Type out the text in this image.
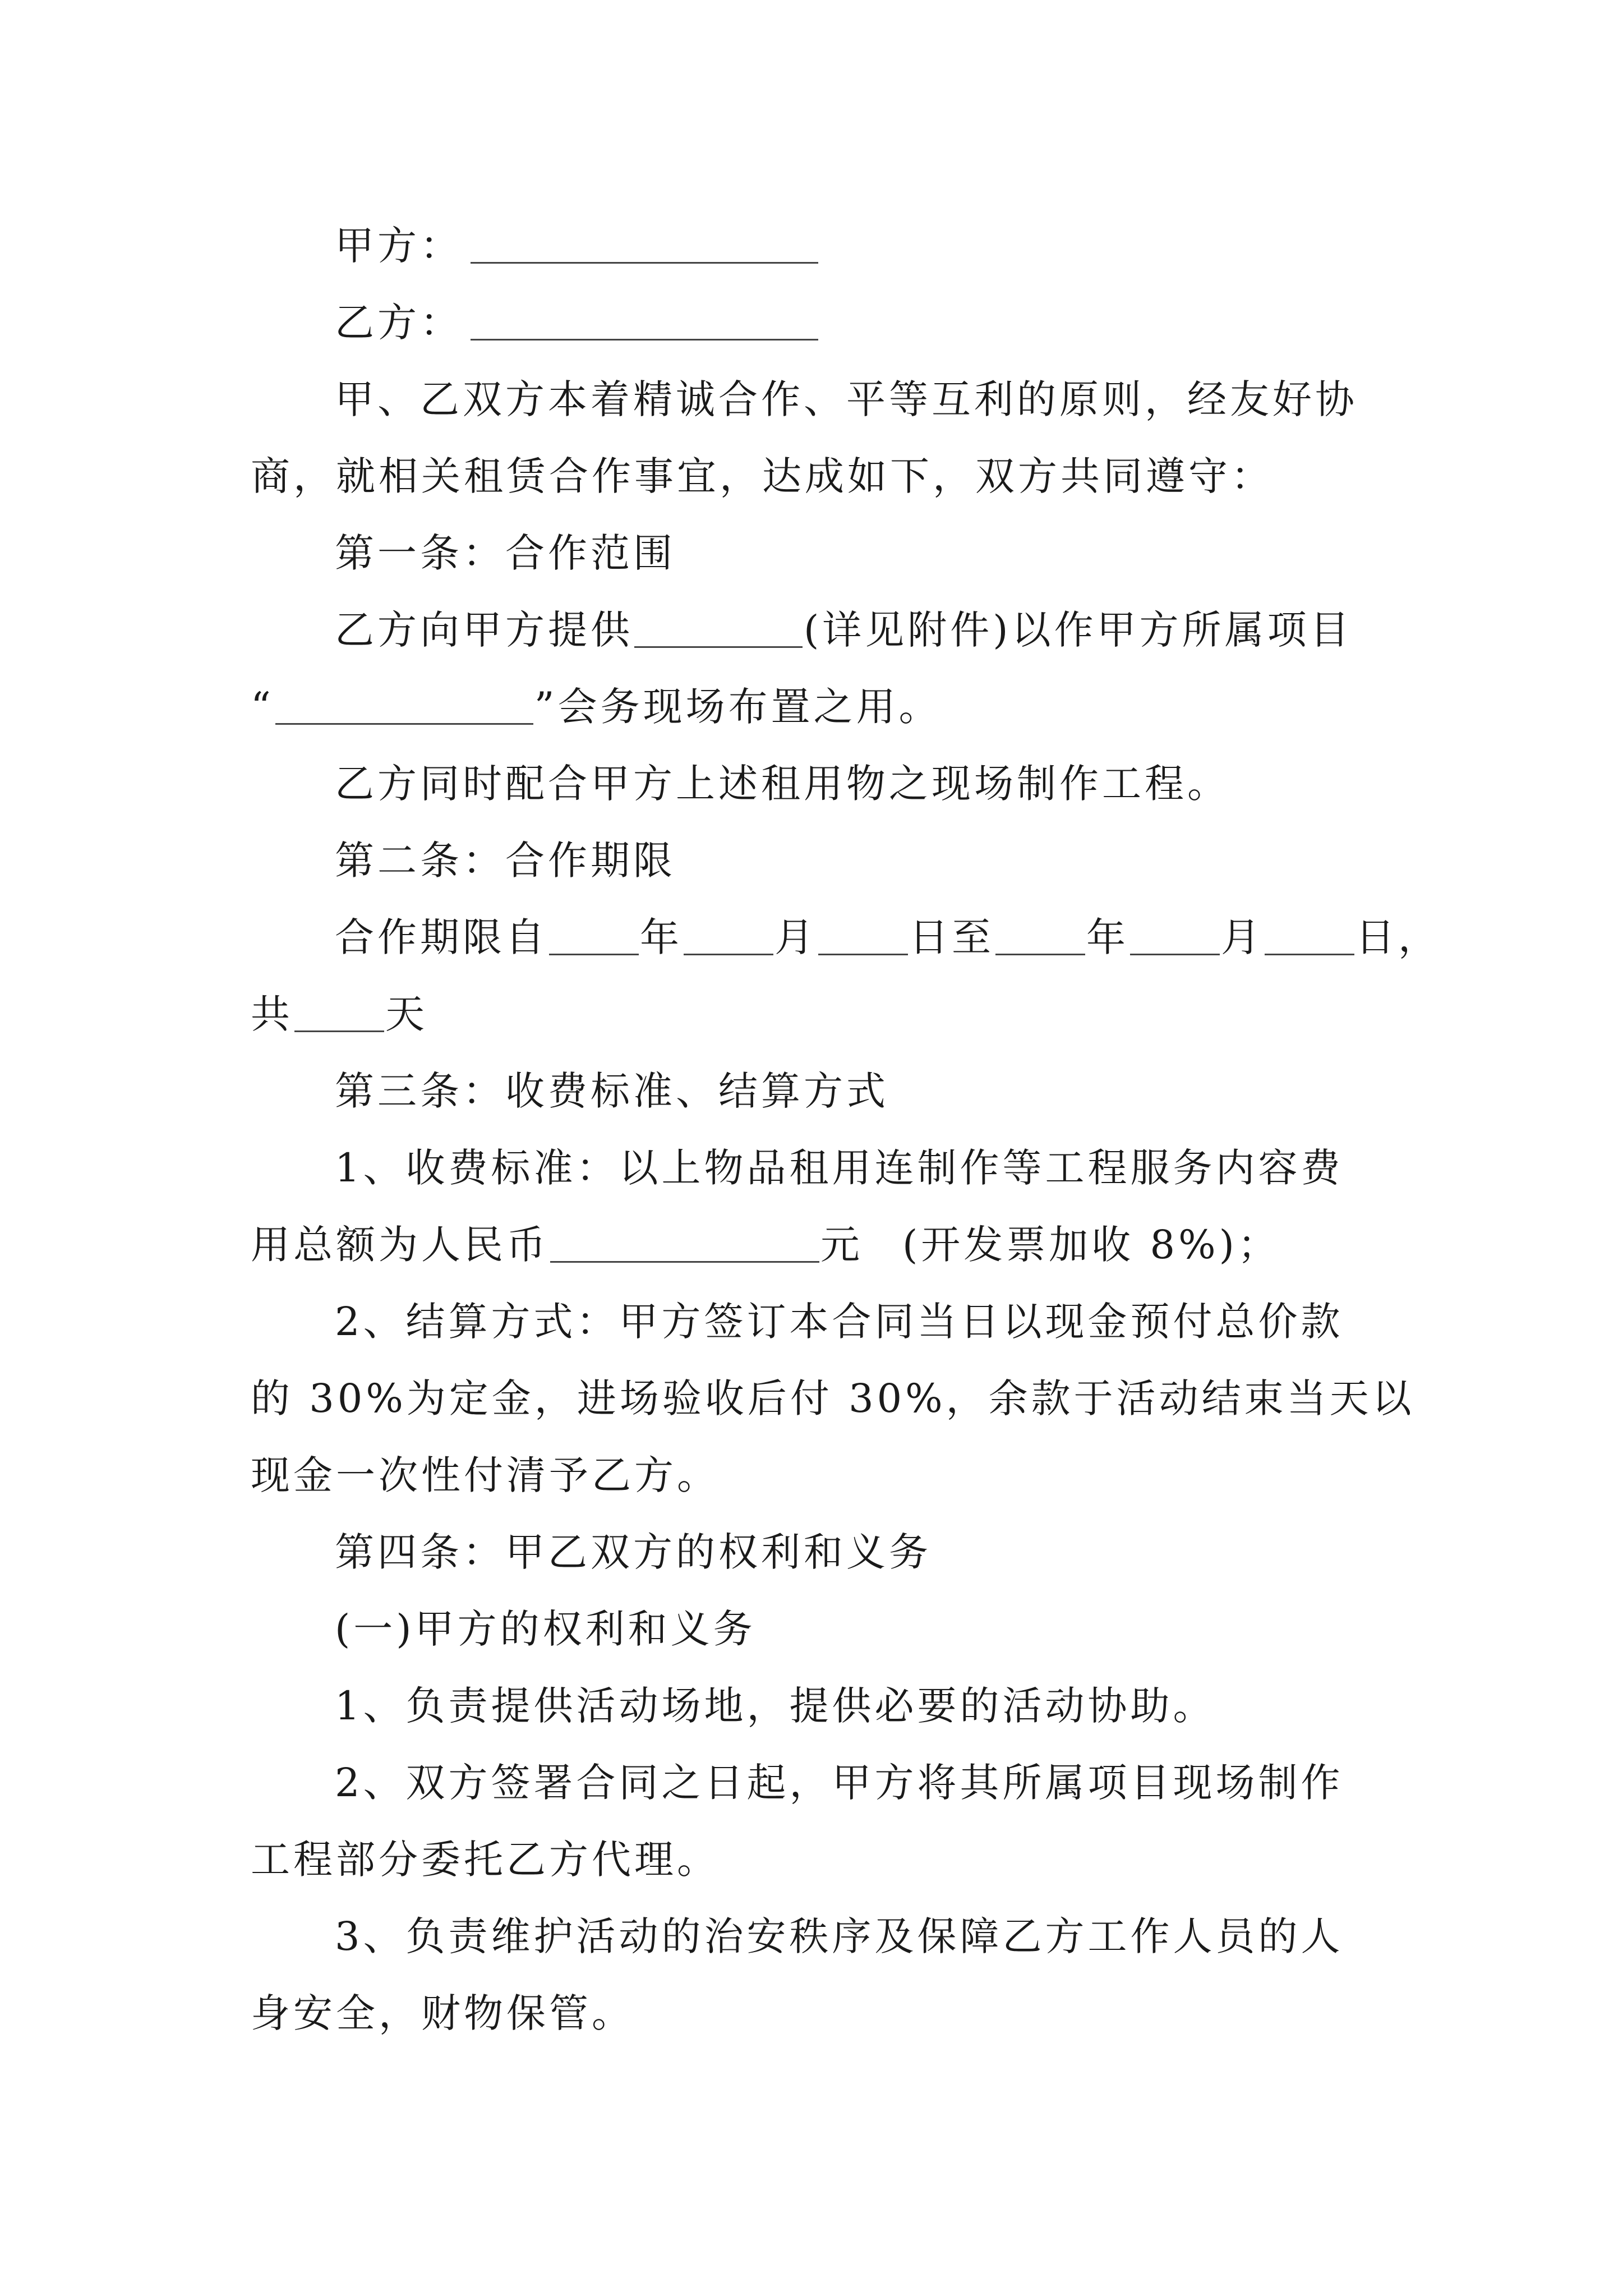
甲方：

乙方：

甲、乙双方本着精诚合作、平等互利的原则，经友好协

商，就相关租赁合作事宜，达成如下，双方共同遵守：

第一条：合作范围

乙方向甲方提供	(详见附件)以作甲方所属项目

“	”会务现场布置之用。

乙方同时配合甲方上述租用物之现场制作工程。

第二条：合作期限

合作期限自 年 月 日至 年 月 日，

共 天

第三条：收费标准、结算方式

1、收费标准：以上物品租用连制作等工程服务内容费

用总额为人民币	元 (开发票加收 8%)；

2、结算方式：甲方签订本合同当日以现金预付总价款

的 30%为定金，进场验收后付 30%，余款于活动结束当天以

现金一次性付清予乙方。

第四条：甲乙双方的权利和义务

(一)甲方的权利和义务

1、负责提供活动场地，提供必要的活动协助。

2、双方签署合同之日起，甲方将其所属项目现场制作

工程部分委托乙方代理。

3、负责维护活动的治安秩序及保障乙方工作人员的人

身安全，财物保管。
